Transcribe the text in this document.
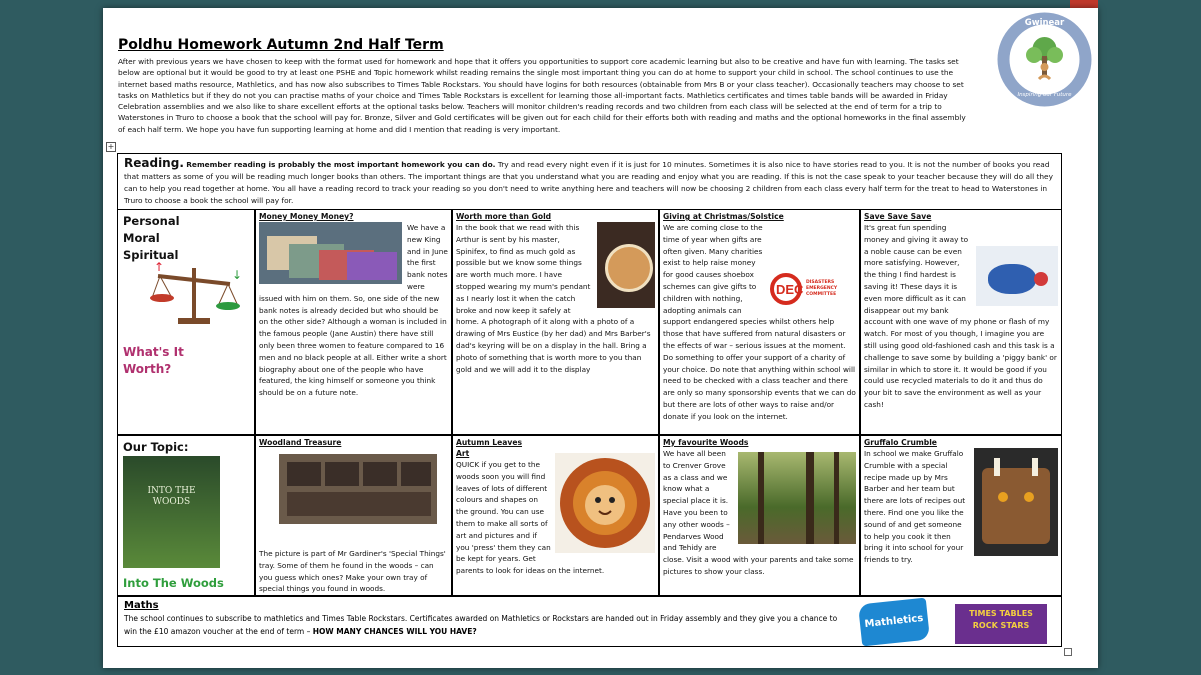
Poldhu Homework Autumn 2nd Half Term
After with previous years we have chosen to keep with the format used for homework and hope that it offers you opportunities to support core academic learning but also to be creative and have fun with learning. The tasks set below are optional but it would be good to try at least one PSHE and Topic homework whilst reading remains the single most important thing you can do at home to support your child in school. The school continues to use the internet based maths resource, Mathletics, and has now also subscribes to Times Table Rockstars. You should have logins for both resources (obtainable from Mrs B or your class teacher). Occasionally teachers may choose to set tasks on Mathletics but if they do not you can practise maths of your choice and Times Table Rockstars is excellent for learning those all-important facts. Mathletics certificates and times table bands will be awarded in Friday Celebration assemblies and we also like to share excellent efforts at the optional tasks below. Teachers will monitor children's reading records and two children from each class will be selected at the end of term for a trip to Waterstones in Truro to choose a book that the school will pay for. Bronze, Silver and Gold certificates will be given out for each child for their efforts both with reading and maths and the optional homeworks in the final assembly of each half term. We hope you have fun supporting learning at home and did I mention that reading is very important.
Gwinear School
Inspiring our Future
+
Reading. Remember reading is probably the most important homework you can do. Try and read every night even if it is just for 10 minutes. Sometimes it is also nice to have stories read to you. It is not the number of books you read that matters as some of you will be reading much longer books than others. The important things are that you understand what you are reading and enjoy what you are reading. If this is not the case speak to your teacher because they will do all they can to help you read together at home. You all have a reading record to track your reading so you don't need to write anything here and teachers will now be choosing 2 children from each class every half term for the treat to head to Waterstones in Truro to choose a book the school will pay for.
Personal Moral Spiritual
↑
↓
What's It Worth?
Money Money Money?
We have a new King and in June the first bank notes were issued with him on them. So, one side of the new bank notes is already decided but who should be on the other side? Although a woman is included in the famous people (Jane Austin) there have still only been three women to feature compared to 16 men and no black people at all. Either write a short biography about one of the people who have featured, the king himself or someone you think should be on a future note.
Worth more than Gold
In the book that we read with this Arthur is sent by his master, Spinifex, to find as much gold as possible but we know some things are worth much more. I have stopped wearing my mum's pendant as I nearly lost it when the catch broke and now keep it safely at home. A photograph of it along with a photo of a drawing of Mrs Eustice (by her dad) and Mrs Barber's dad's keyring will be on a display in the hall. Bring a photo of something that is worth more to you than gold and we will add it to the display
Giving at Christmas/Solstice
DEC DISASTERS EMERGENCY COMMITTEE
We are coming close to the time of year when gifts are often given. Many charities exist to help raise money for good causes shoebox schemes can give gifts to children with nothing, adopting animals can support endangered species whilst others help those that have suffered from natural disasters or the effects of war – serious issues at the moment. Do something to offer your support of a charity of your choice. Do note that anything within school will need to be checked with a class teacher and there are only so many sponsorship events that we can do but there are lots of other ways to raise and/or donate if you look on the internet.
Save Save Save
It's great fun spending money and giving it away to a noble cause can be even more satisfying. However, the thing I find hardest is saving it! These days it is even more difficult as it can disappear out my bank account with one wave of my phone or flash of my watch. For most of you though, I imagine you are still using good old-fashioned cash and this task is a challenge to save some by building a 'piggy bank' or similar in which to store it. It would be good if you could use recycled materials to do it and thus do your bit to save the environment as well as your cash!
Our Topic:
INTO THE WOODS
Into The Woods
Woodland Treasure
The picture is part of Mr Gardiner's 'Special Things' tray. Some of them he found in the woods – can you guess which ones? Make your own tray of special things you found in woods.
Autumn Leaves Art
QUICK if you get to the woods soon you will find leaves of lots of different colours and shapes on the ground. You can use them to make all sorts of art and pictures and if you 'press' them they can be kept for years. Get parents to look for ideas on the internet.
My favourite Woods
We have all been to Crenver Grove as a class and we know what a special place it is. Have you been to any other woods – Pendarves Wood and Tehidy are close. Visit a wood with your parents and take some pictures to show your class.
Gruffalo Crumble
In school we make Gruffalo Crumble with a special recipe made up by Mrs Barber and her team but there are lots of recipes out there. Find one you like the sound of and get someone to help you cook it then bring it into school for your friends to try.
Maths
The school continues to subscribe to mathletics and Times Table Rockstars. Certificates awarded on Mathletics or Rockstars are handed out in Friday assembly and they give you a chance to win the £10 amazon voucher at the end of term – HOW MANY CHANCES WILL YOU HAVE?
Mathletics	TIMES TABLES ROCK STARS
